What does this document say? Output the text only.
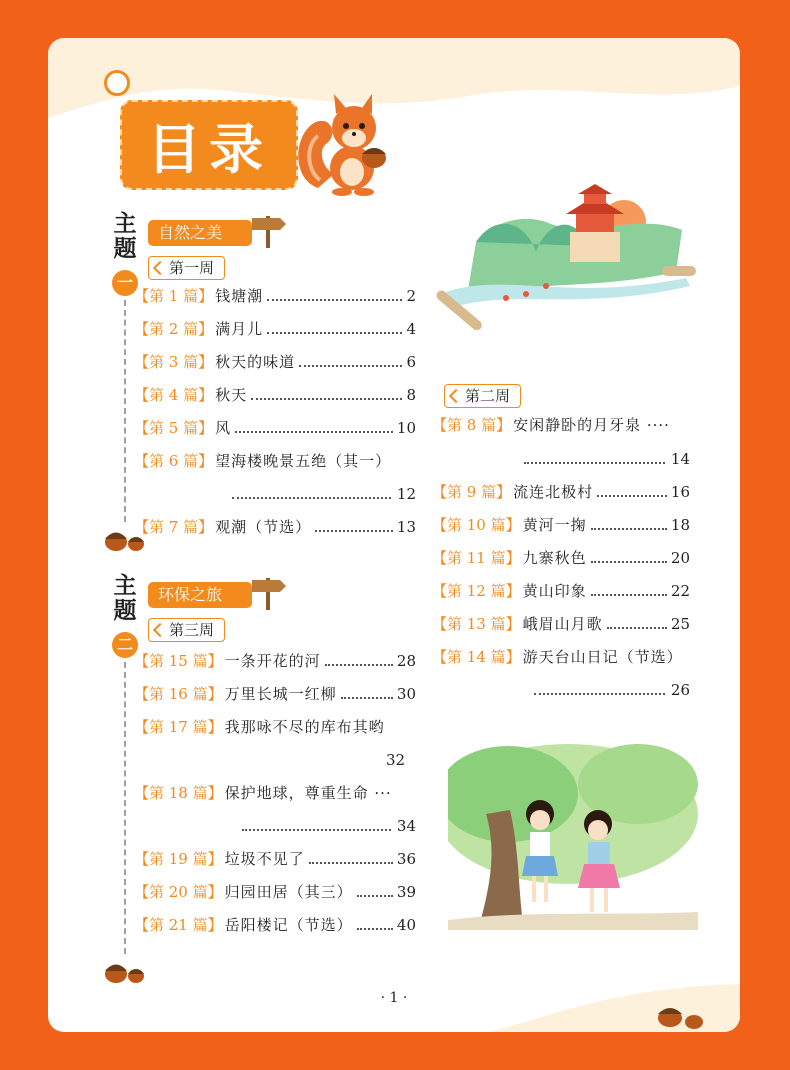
目录
主
题
一
自然之美
第一周
【第 1 篇】 钱塘潮	2
【第 2 篇】 满月儿	4
【第 3 篇】 秋天的味道	6
【第 4 篇】 秋天	8
【第 5 篇】 风	10
【第 6 篇】 望海楼晚景五绝（其一）
12
【第 7 篇】 观潮（节选）	13
第二周
【第 8 篇】 安闲静卧的月牙泉 ····
14
【第 9 篇】 流连北极村	16
【第 10 篇】 黄河一掬	18
【第 11 篇】 九寨秋色	20
【第 12 篇】 黄山印象	22
【第 13 篇】 峨眉山月歌	25
【第 14 篇】 游天台山日记（节选）
26
主
题
二
环保之旅
第三周
【第 15 篇】 一条开花的河	28
【第 16 篇】 万里长城一红柳	30
【第 17 篇】 我那咏不尽的库布其哟
32
【第 18 篇】 保护地球，尊重生命 ···
34
【第 19 篇】 垃圾不见了	36
【第 20 篇】 归园田居（其三）	39
【第 21 篇】 岳阳楼记（节选）	40
· 1 ·
